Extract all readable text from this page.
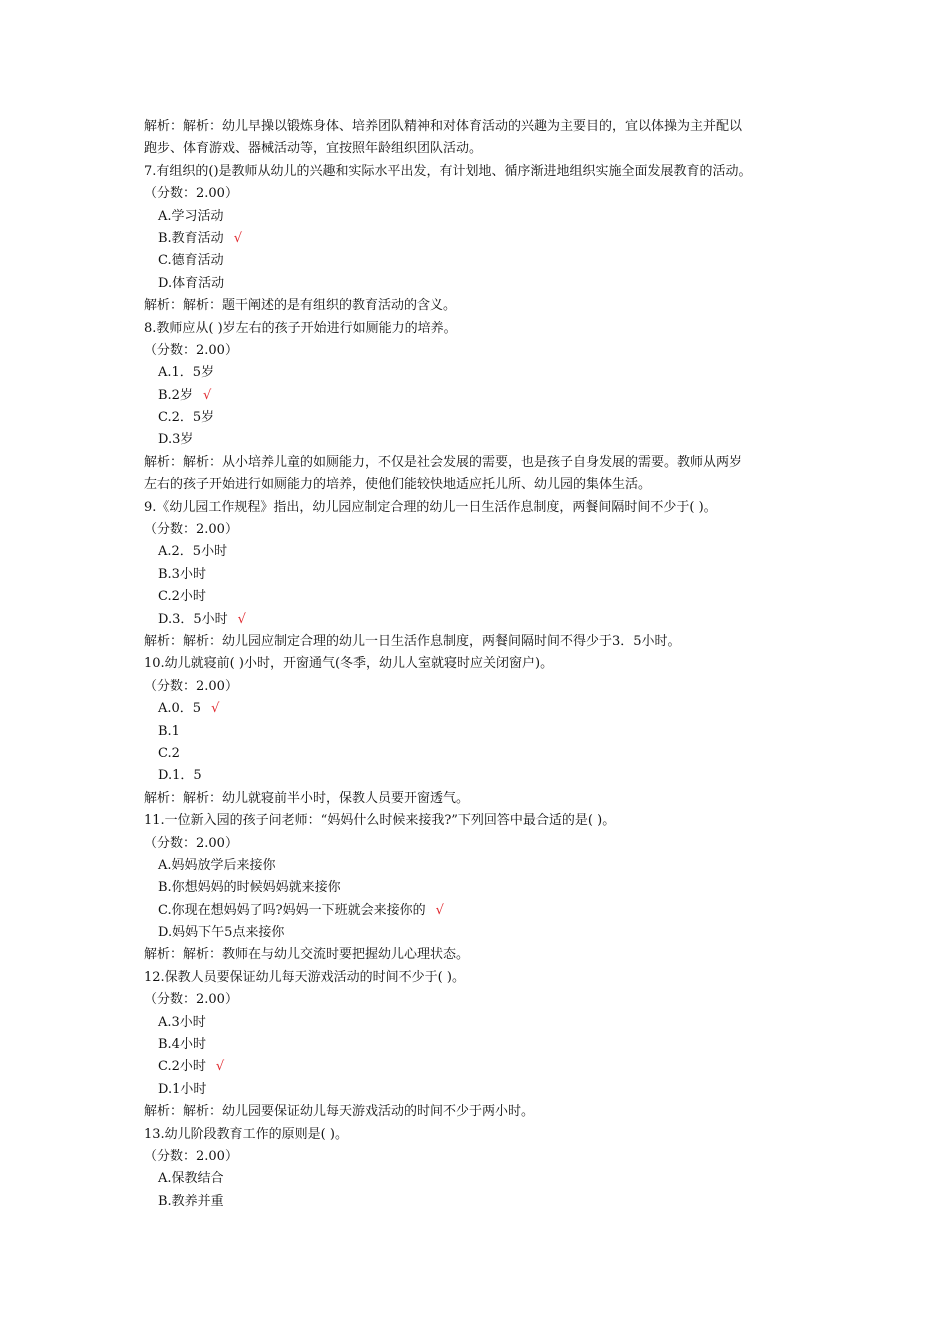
解析：解析：幼儿早操以锻炼身体、培养团队精神和对体育活动的兴趣为主要目的，宜以体操为主并配以
跑步、体育游戏、器械活动等，宜按照年龄组织团队活动。
7.有组织的()是教师从幼儿的兴趣和实际水平出发，有计划地、循序渐进地组织实施全面发展教育的活动。
（分数：2.00）
A.学习活动
B.教育活动 √
C.德育活动
D.体育活动
解析：解析：题干阐述的是有组织的教育活动的含义。
8.教师应从( )岁左右的孩子开始进行如厕能力的培养。
（分数：2.00）
A.1．5岁
B.2岁 √
C.2．5岁
D.3岁
解析：解析：从小培养儿童的如厕能力，不仅是社会发展的需要，也是孩子自身发展的需要。教师从两岁
左右的孩子开始进行如厕能力的培养，使他们能较快地适应托儿所、幼儿园的集体生活。
9.《幼儿园工作规程》指出，幼儿园应制定合理的幼儿一日生活作息制度，两餐间隔时间不少于( )。
（分数：2.00）
A.2．5小时
B.3小时
C.2小时
D.3．5小时 √
解析：解析：幼儿园应制定合理的幼儿一日生活作息制度，两餐间隔时间不得少于3．5小时。
10.幼儿就寝前( )小时，开窗通气(冬季，幼儿人室就寝时应关闭窗户)。
（分数：2.00）
A.0．5 √
B.1
C.2
D.1．5
解析：解析：幼儿就寝前半小时，保教人员要开窗透气。
11.一位新入园的孩子问老师：“妈妈什么时候来接我?”下列回答中最合适的是( )。
（分数：2.00）
A.妈妈放学后来接你
B.你想妈妈的时候妈妈就来接你
C.你现在想妈妈了吗?妈妈一下班就会来接你的 √
D.妈妈下午5点来接你
解析：解析：教师在与幼儿交流时要把握幼儿心理状态。
12.保教人员要保证幼儿每天游戏活动的时间不少于( )。
（分数：2.00）
A.3小时
B.4小时
C.2小时 √
D.1小时
解析：解析：幼儿园要保证幼儿每天游戏活动的时间不少于两小时。
13.幼儿阶段教育工作的原则是( )。
（分数：2.00）
A.保教结合
B.教养并重
